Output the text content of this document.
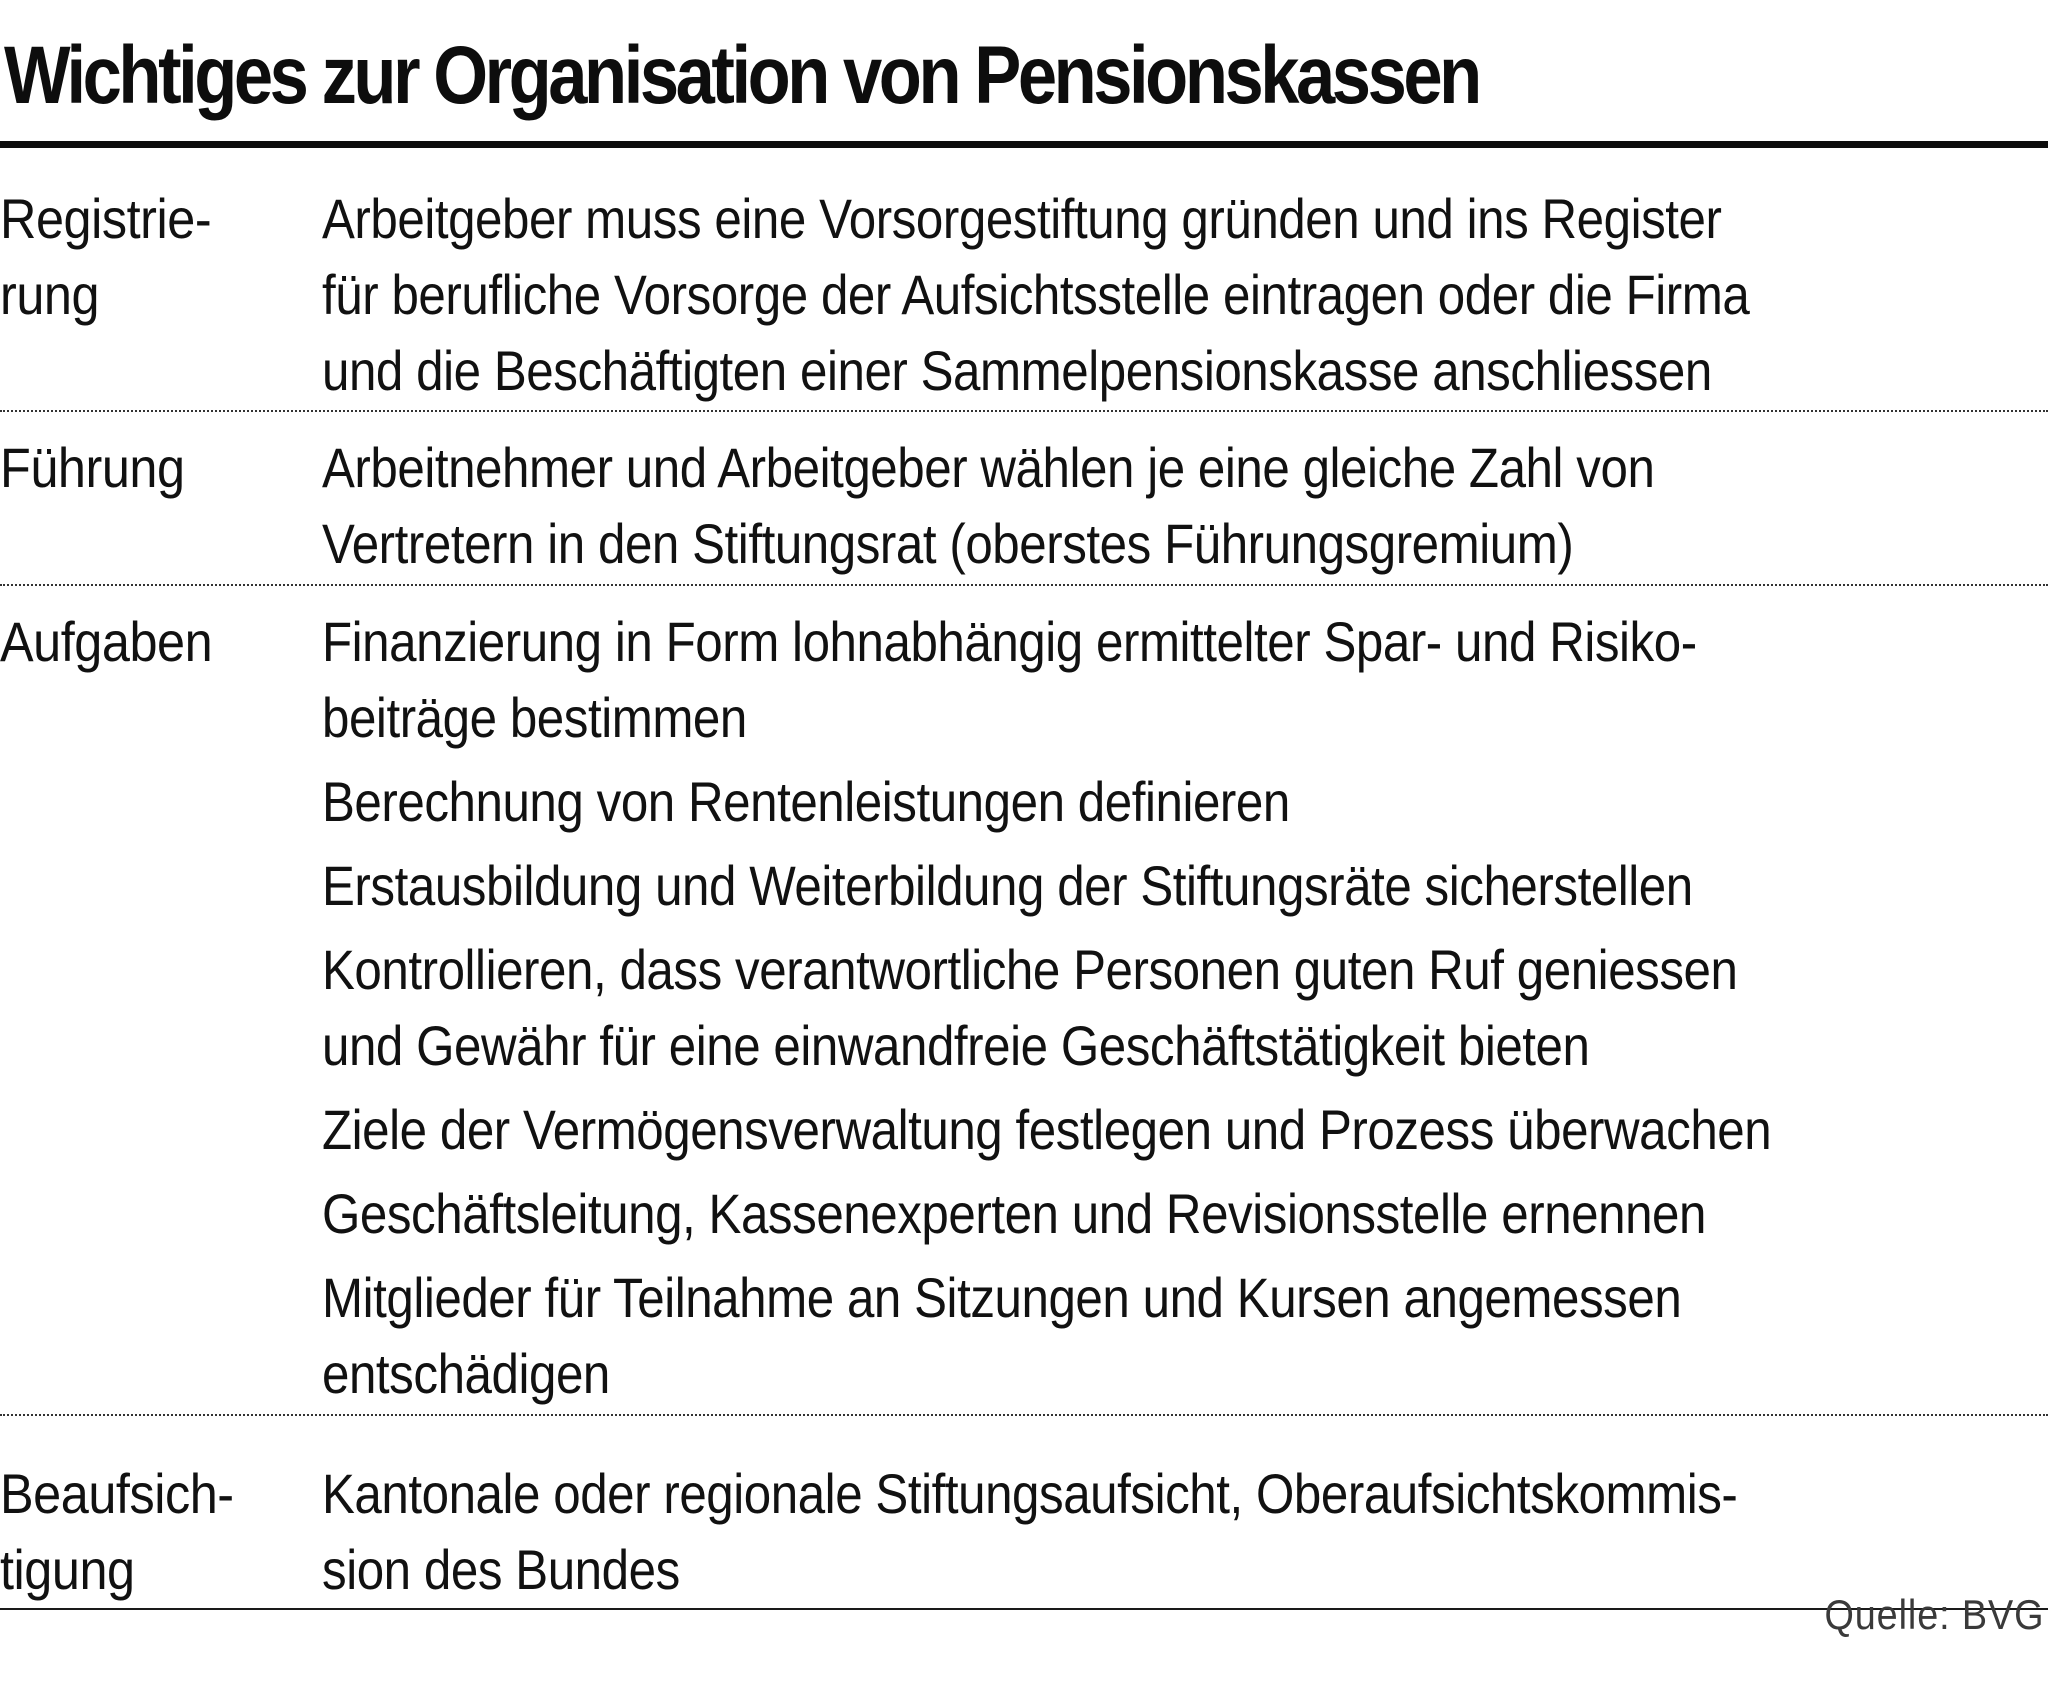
Wichtiges zur Organisation von Pensionskassen
Registrie-
rung
Arbeitgeber muss eine Vorsorgestiftung gründen und ins Register
für berufliche Vorsorge der Aufsichtsstelle eintragen oder die Firma
und die Beschäftigten einer Sammelpensionskasse anschliessen
Führung	Arbeitnehmer und Arbeitgeber wählen je eine gleiche Zahl von
Vertretern in den Stiftungsrat (oberstes Führungsgremium)
Aufgaben	Finanzierung in Form lohnabhängig ermittelter Spar- und Risiko-
beiträge bestimmen
Berechnung von Rentenleistungen definieren
Erstausbildung und Weiterbildung der Stiftungsräte sicherstellen
Kontrollieren, dass verantwortliche Personen guten Ruf geniessen
und Gewähr für eine einwandfreie Geschäftstätigkeit bieten
Ziele der Vermögensverwaltung festlegen und Prozess überwachen
Geschäftsleitung, Kassenexperten und Revisionsstelle ernennen
Mitglieder für Teilnahme an Sitzungen und Kursen angemessen
entschädigen
Beaufsich-
tigung
Kantonale oder regionale Stiftungsaufsicht, Oberaufsichtskommis-
sion des Bundes
Quelle: BVG
